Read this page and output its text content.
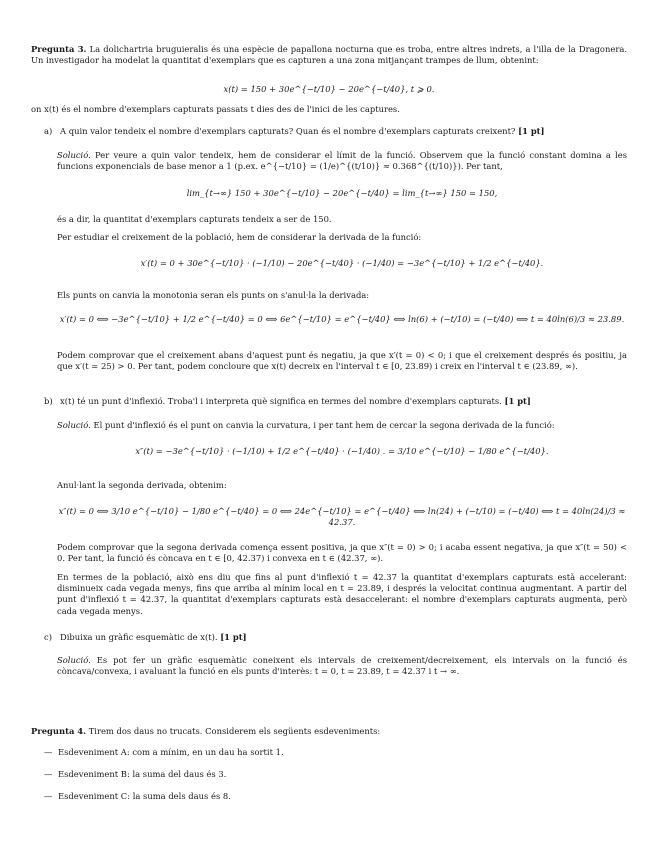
Pregunta 3. La dolichartria bruguieralis és una espècie de papallona nocturna que es troba, entre altres indrets, a l'illa de la Dragonera. Un investigador ha modelat la quantitat d'exemplars que es capturen a una zona mitjançant trampes de llum, obtenint:
x(t) = 150 + 30e^{−t/10} − 20e^{−t/40}, t ⩾ 0.
on x(t) és el nombre d'exemplars capturats passats t dies des de l'inici de les captures.
a) A quin valor tendeix el nombre d'exemplars capturats? Quan és el nombre d'exemplars capturats creixent? [1 pt]
Solució. Per veure a quin valor tendeix, hem de considerar el límit de la funció. Observem que la funció constant domina a les funcions exponencials de base menor a 1 (p.ex. e^{−t/10} = (1/e)^{(t/10)} ≈ 0.368^{(t/10)}). Per tant,
lim_{t→∞} 150 + 30e^{−t/10} − 20e^{−t/40} = lim_{t→∞} 150 = 150,
és a dir, la quantitat d'exemplars capturats tendeix a ser de 150.
Per estudiar el creixement de la població, hem de considerar la derivada de la funció:
x′(t) = 0 + 30e^{−t/10} · (−1/10) − 20e^{−t/40} · (−1/40) = −3e^{−t/10} + 1/2 e^{−t/40}.
Els punts on canvia la monotonia seran els punts on s'anul·la la derivada:
x′(t) = 0 ⟺ −3e^{−t/10} + 1/2 e^{−t/40} = 0 ⟺ 6e^{−t/10} = e^{−t/40} ⟺ ln(6) + (−t/10) = (−t/40) ⟺ t = 40ln(6)/3 ≈ 23.89.
Podem comprovar que el creixement abans d'aquest punt és negatiu, ja que x′(t = 0) < 0; i que el creixement després és positiu, ja que x′(t = 25) > 0. Per tant, podem concloure que x(t) decreix en l'interval t ∈ [0, 23.89) i creix en l'interval t ∈ (23.89, ∞).
b) x(t) té un punt d'inflexió. Troba'l i interpreta què significa en termes del nombre d'exemplars capturats. [1 pt]
Solució. El punt d'inflexió és el punt on canvia la curvatura, i per tant hem de cercar la segona derivada de la funció:
x″(t) = −3e^{−t/10} · (−1/10) + 1/2 e^{−t/40} · (−1/40) . = 3/10 e^{−t/10} − 1/80 e^{−t/40}.
Anul·lant la segonda derivada, obtenim:
x″(t) = 0 ⟺ 3/10 e^{−t/10} − 1/80 e^{−t/40} = 0 ⟺ 24e^{−t/10} = e^{−t/40} ⟺ ln(24) + (−t/10) = (−t/40) ⟺ t = 40ln(24)/3 ≈ 42.37.
Podem comprovar que la segona derivada comença essent positiva, ja que x″(t = 0) > 0; i acaba essent negativa, ja que x″(t = 50) < 0. Per tant, la funció és còncava en t ∈ [0, 42.37) i convexa en t ∈ (42.37, ∞).
En termes de la població, això ens diu que fins al punt d'inflexió t = 42.37 la quantitat d'exemplars capturats està accelerant: disminueix cada vegada menys, fins que arriba al mínim local en t = 23.89, i després la velocitat continua augmentant. A partir del punt d'inflexió t = 42.37, la quantitat d'exemplars capturats està desaccelerant: el nombre d'exemplars capturats augmenta, però cada vegada menys.
c) Dibuixa un gràfic esquemàtic de x(t). [1 pt]
Solució. Es pot fer un gràfic esquemàtic coneixent els intervals de creixement/decreixement, els intervals on la funció és còncava/convexa, i avaluant la funció en els punts d'interès: t = 0, t = 23.89, t = 42.37 i t → ∞.
Pregunta 4. Tirem dos daus no trucats. Considerem els següents esdeveniments:
— Esdeveniment A: com a mínim, en un dau ha sortit 1.
— Esdeveniment B: la suma del daus és 3.
— Esdeveniment C: la suma dels daus és 8.
